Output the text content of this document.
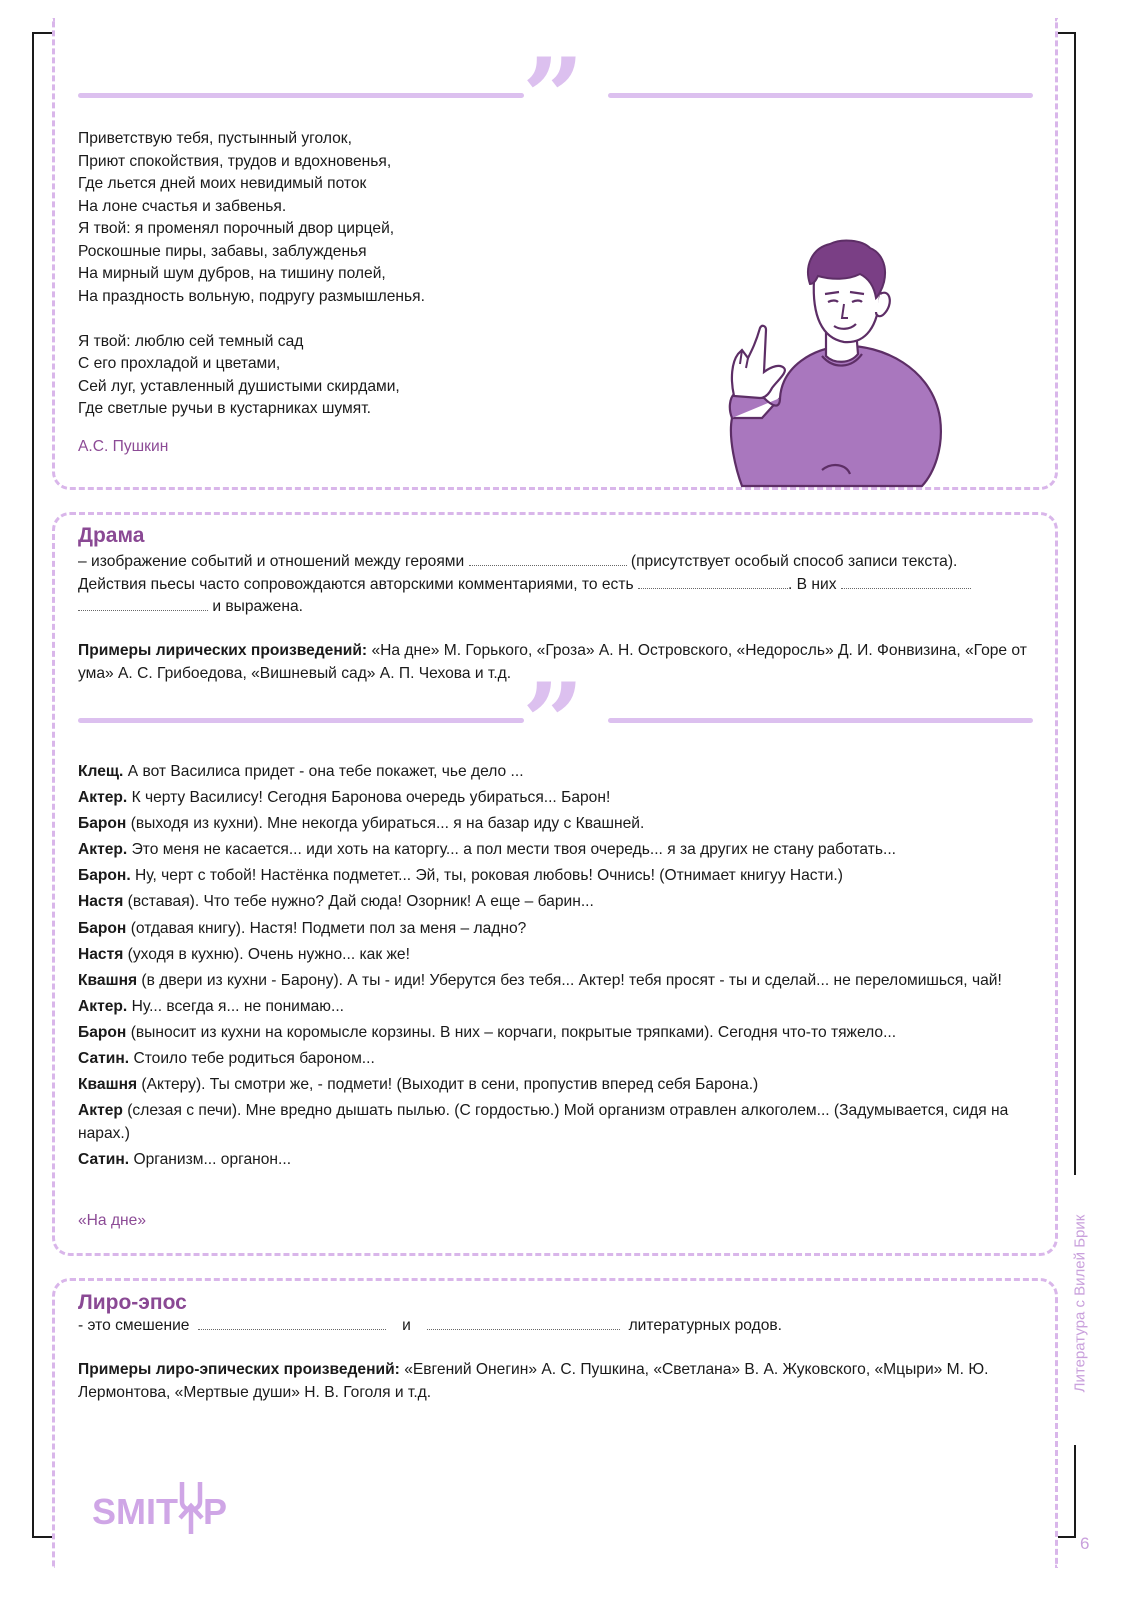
”

Приветствую тебя, пустынный уголок,

Приют спокойствия, трудов и вдохновенья,

Где льется дней моих невидимый поток

На лоне счастья и забвенья.

Я твой: я променял порочный двор цирцей,

Роскошные пиры, забавы, заблужденья

На мирный шум дубров, на тишину полей,

На праздность вольную, подругу размышленья.

Я твой: люблю сей темный сад

С его прохладой и цветами,

Сей луг, уставленный душистыми скирдами,

Где светлые ручьи в кустарниках шумят.

А.С. Пушкин
Драма
– изображение событий и отношений между героями	(присутствует особый способ записи текста).
Действия пьесы часто сопровождаются авторскими комментариями, то есть	. В них
и выражена.
Примеры лирических произведений: «На дне» М. Горького, «Гроза» А. Н. Островского, «Недоросль» Д. И. Фонвизина, «Горе от ума» А. С. Грибоедова, «Вишневый сад» А. П. Чехова и т.д. ”

Клещ. А вот Василиса придет - она тебе покажет, чье дело ...

Актер. К черту Василису! Сегодня Баронова очередь убираться... Барон!

Барон (выходя из кухни). Мне некогда убираться... я на базар иду с Квашней.

Актер. Это меня не касается... иди хоть на каторгу... а пол мести твоя очередь... я за других не стану работать...

Барон. Ну, черт с тобой! Настёнка подметет... Эй, ты, роковая любовь! Очнись! (Отнимает книгуу Насти.)

Настя (вставая). Что тебе нужно? Дай сюда! Озорник! А еще – барин...

Барон (отдавая книгу). Настя! Подмети пол за меня – ладно?

Настя (уходя в кухню). Очень нужно... как же!

Квашня (в двери из кухни - Барону). А ты - иди! Уберутся без тебя... Актер! тебя просят - ты и сделай... не переломишься, чай!

Актер. Ну... всегда я... не понимаю...

Барон (выносит из кухни на коромысле корзины. В них – корчаги, покрытые тряпками). Сегодня что-то тяжело...

Сатин. Стоило тебе родиться бароном...

Квашня (Актеру). Ты смотри же, - подмети! (Выходит в сени, пропустив вперед себя Барона.)

Актер (слезая с печи). Мне вредно дышать пылью. (С гордостью.) Мой организм отравлен алкоголем... (Задумывается, сидя на нарах.)

Сатин. Организм... органон...

«На дне»
Лиро-эпос
- это смешение	и	литературных родов.
Примеры лиро-эпических произведений: «Евгений Онегин» А. С. Пушкина, «Светлана» В. А. Жуковского, «Мцыри» М. Ю. Лермонтова, «Мертвые души» Н. В. Гоголя и т.д.
SMIT P
Литература с Вилей Брик
6
